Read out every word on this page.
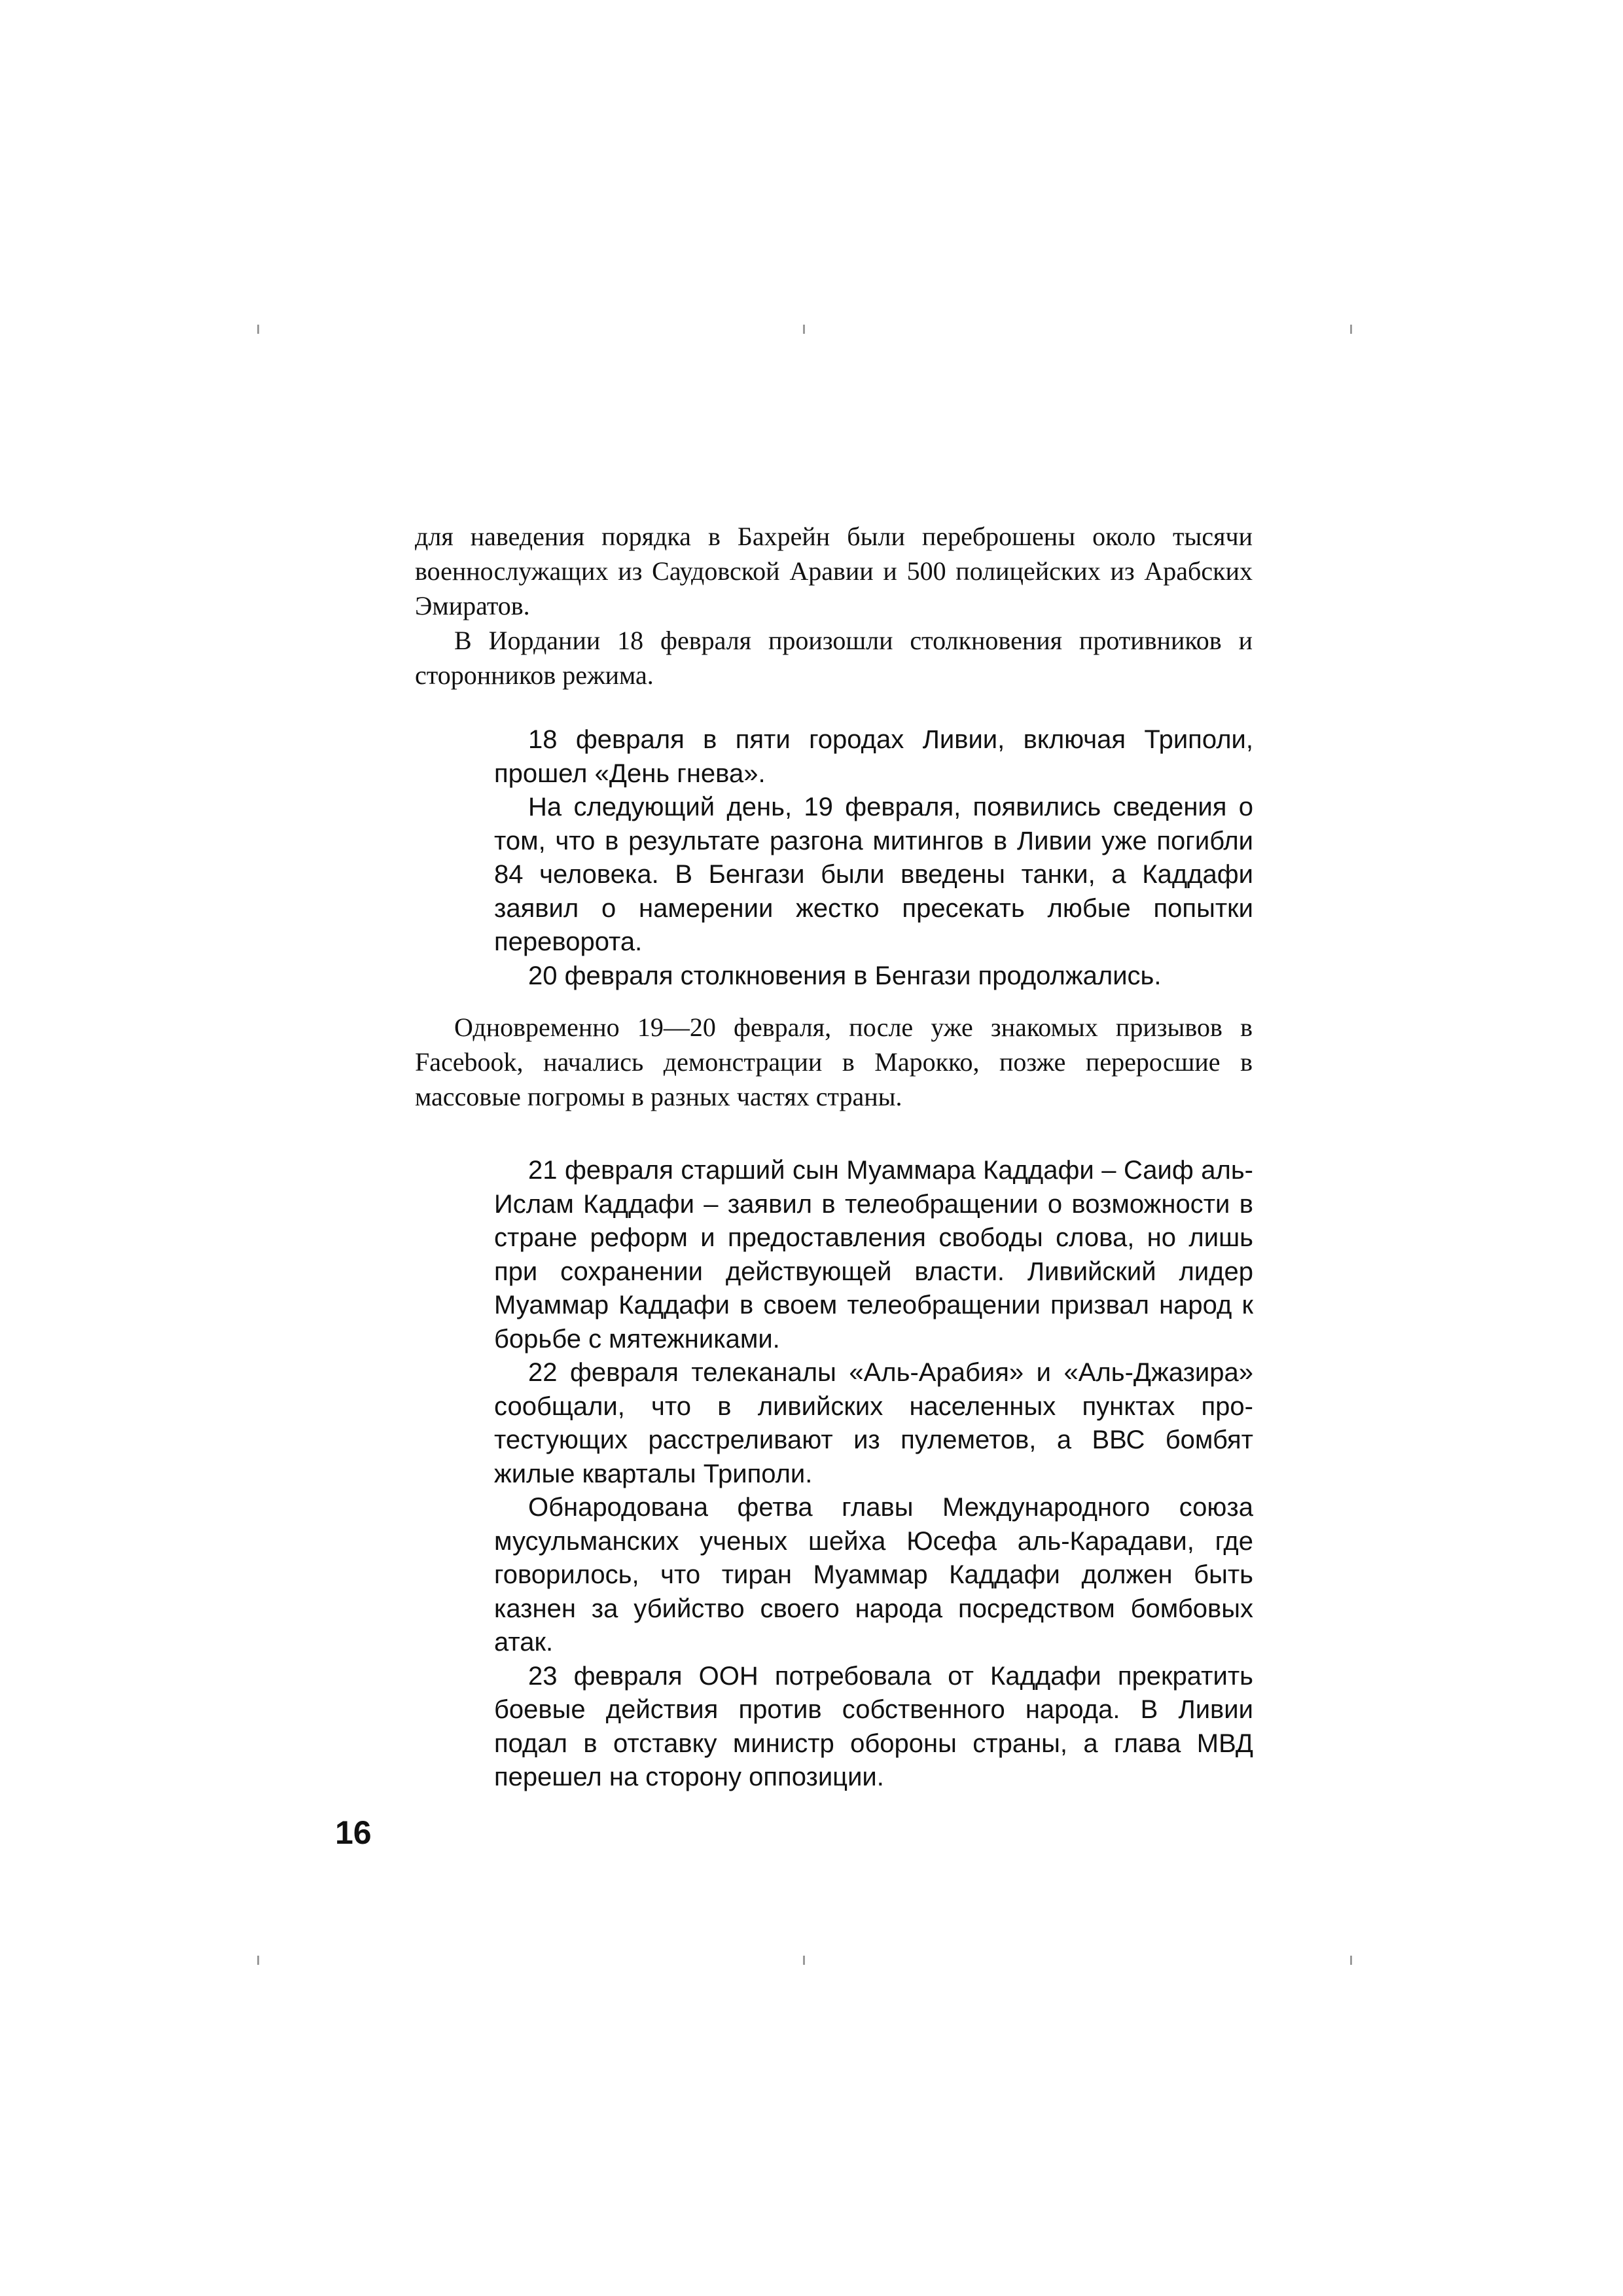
для наведения порядка в Бахрейн были переброшены около тысячи военнослужащих из Саудовской Аравии и 500 полицейских из Арабских Эмиратов.

В Иордании 18 февраля произошли столкновения противников и сторонников режима.

18 февраля в пяти городах Ливии, включая Триполи, прошел «День гнева».

На следующий день, 19 февраля, появились сведения о том, что в результате разгона митингов в Ливии уже погибли 84 человека. В Бенгази были введены танки, а Каддафи заявил о намерении жестко пресекать любые попытки переворота.

20 февраля столкновения в Бенгази продолжались.

Одновременно 19—20 февраля, после уже знакомых призывов в Facebook, начались демонстрации в Марокко, позже переросшие в массовые погромы в разных частях страны.

21 февраля старший сын Муаммара Каддафи – Саиф аль-Ислам Каддафи – заявил в телеобращении о возможности в стране реформ и предоставления свободы слова, но лишь при сохранении действующей власти. Ливийский лидер Муаммар Каддафи в своем телеобращении призвал народ к борьбе с мятежниками.

22 февраля телеканалы «Аль-Арабия» и «Аль-Джазира» сообщали, что в ливийских населенных пунктах протестующих расстреливают из пулеметов, а ВВС бомбят жилые кварталы Триполи.

Обнародована фетва главы Международного союза мусульманских ученых шейха Юсефа аль-Карадави, где говорилось, что тиран Муаммар Каддафи должен быть казнен за убийство своего народа посредством бомбовых атак.

23 февраля ООН потребовала от Каддафи прекратить боевые действия против собственного народа. В Ливии подал в отставку министр обороны страны, а глава МВД перешел на сторону оппозиции.

16
